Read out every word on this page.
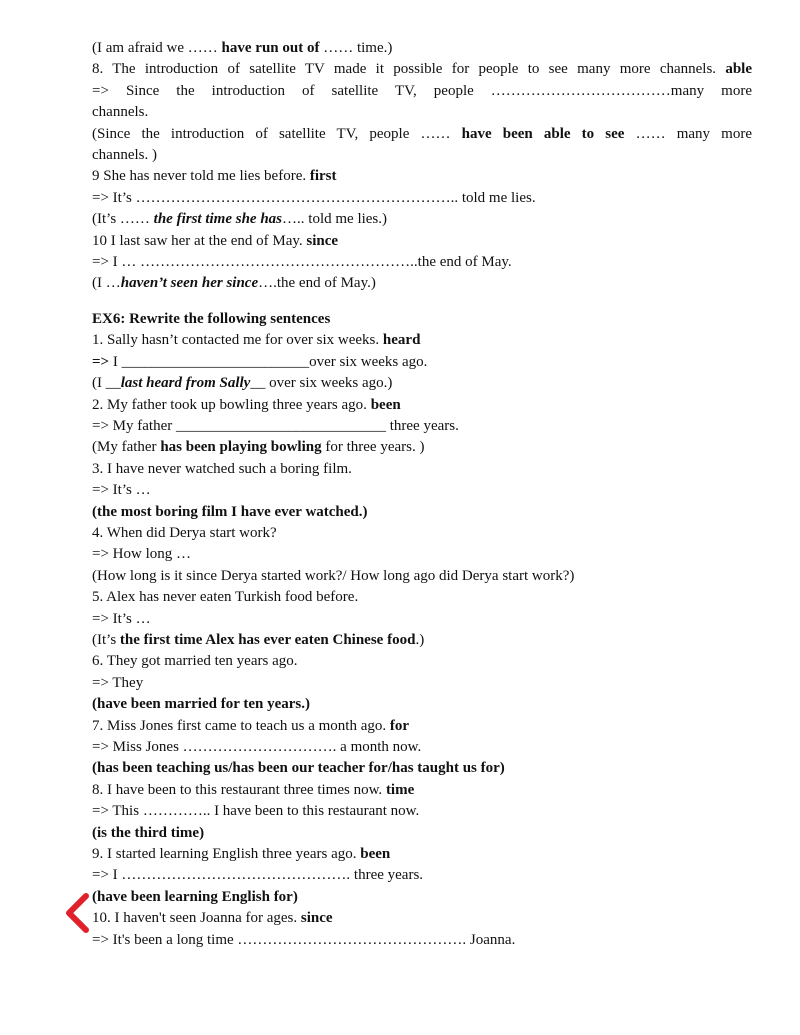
(I am afraid we …… have run out of …… time.)
8. The introduction of satellite TV made it possible for people to see many more channels. able
=> Since the introduction of satellite TV, people ………………………………many more
channels.
(Since the introduction of satellite TV, people …… have been able to see …… many more
channels. )
9 She has never told me lies before. first
=> It’s ……………………………………………………….. told me lies.
(It’s …… the first time she has….. told me lies.)
10 I last saw her at the end of May. since
=> I … ………………………………………………..the end of May.
(I …haven’t seen her since….the end of May.)
EX6: Rewrite the following sentences
1. Sally hasn’t contacted me for over six weeks. heard
=> I _________________________over six weeks ago.
(I __last heard from Sally__ over six weeks ago.)
2. My father took up bowling three years ago. been
=> My father ____________________________ three years.
(My father has been playing bowling for three years. )
3. I have never watched such a boring film.
=> It’s …
(the most boring film I have ever watched.)
4. When did Derya start work?
=> How long …
(How long is it since Derya started work?/ How long ago did Derya start work?)
5. Alex has never eaten Turkish food before.
=> It’s …
(It’s the first time Alex has ever eaten Chinese food.)
6. They got married ten years ago.
=> They
(have been married for ten years.)
7. Miss Jones first came to teach us a month ago. for
=> Miss Jones …………………………. a month now.
(has been teaching us/has been our teacher for/has taught us for)
8. I have been to this restaurant three times now. time
=> This ………….. I have been to this restaurant now.
(is the third time)
9. I started learning English three years ago. been
=> I ………………………………………. three years.
(have been learning English for)
10. I haven't seen Joanna for ages. since
=> It's been a long time ………………………………………. Joanna.
